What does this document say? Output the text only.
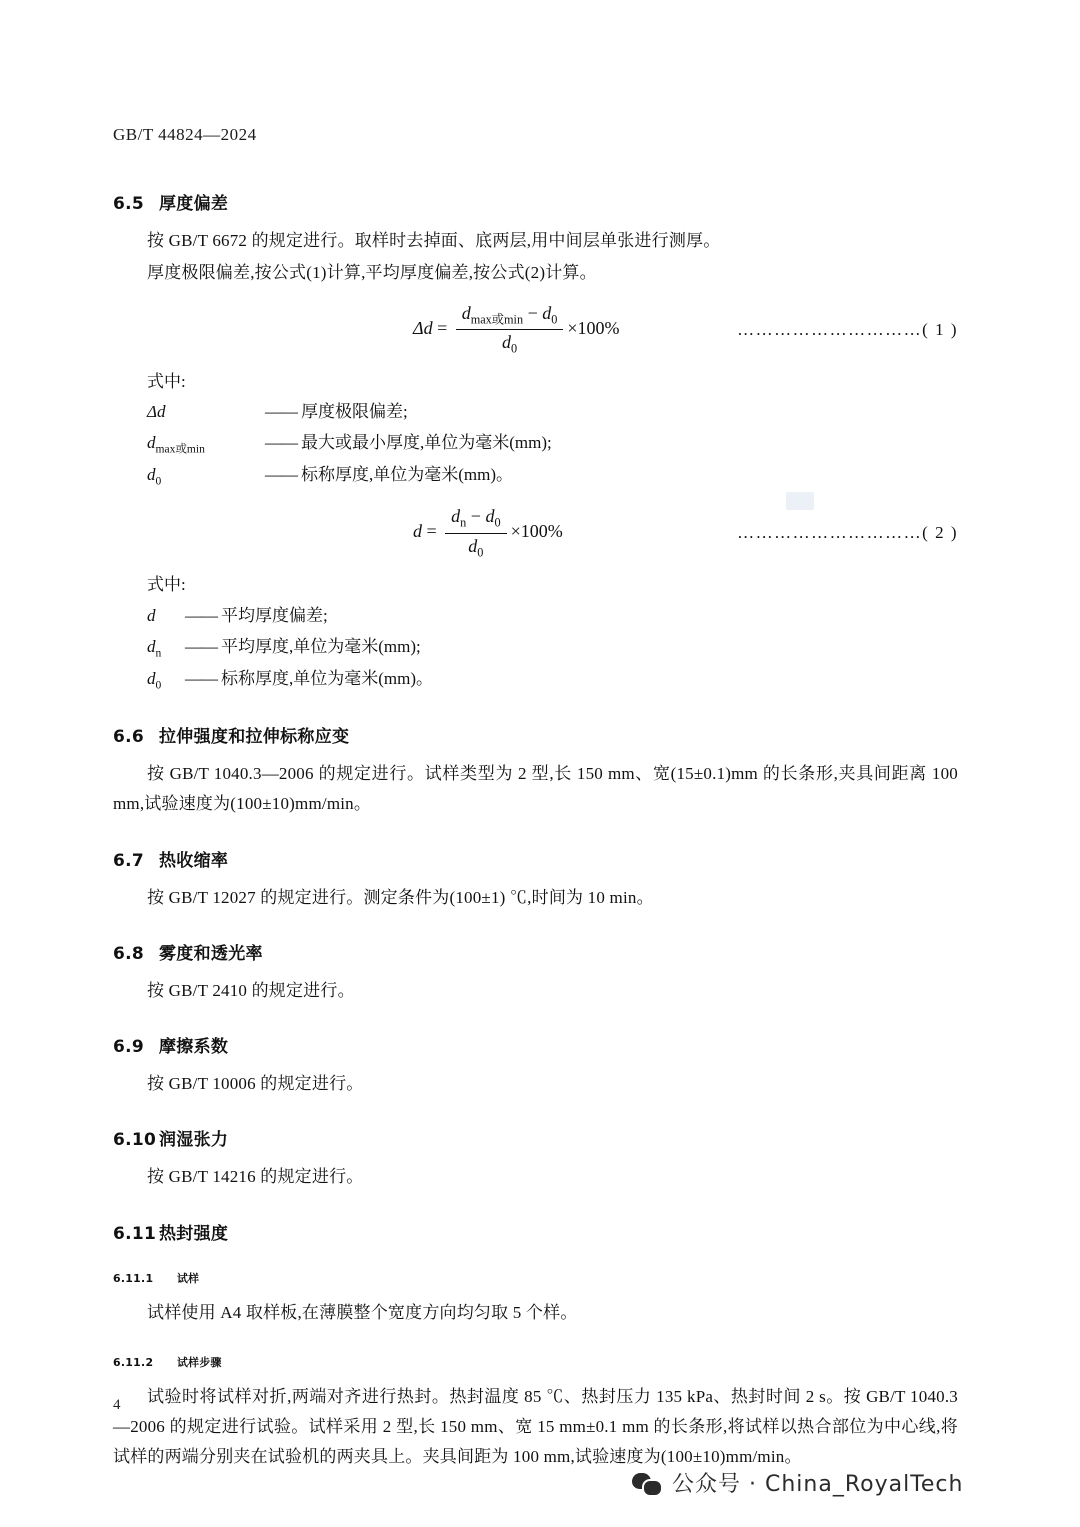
GB/T 44824—2024
6.5 厚度偏差

按 GB/T 6672 的规定进行。取样时去掉面、底两层,用中间层单张进行测厚。

厚度极限偏差,按公式(1)计算,平均厚度偏差,按公式(2)计算。

$\Delta d = \frac{d_{max或min} - d_0}{d_0} \times 100\%$	…………………………( 1 )
式中:
Δd	—— 厚度极限偏差;
$d_{max或min}$	—— 最大或最小厚度,单位为毫米(mm);
$d_0$	—— 标称厚度,单位为毫米(mm)。
$d = \frac{d_n - d_0}{d_0} \times 100\%$	…………………………( 2 )
式中:
d	—— 平均厚度偏差;
$d_n$	—— 平均厚度,单位为毫米(mm);
$d_0$	—— 标称厚度,单位为毫米(mm)。
6.6 拉伸强度和拉伸标称应变

按 GB/T 1040.3—2006 的规定进行。试样类型为 2 型,长 150 mm、宽(15±0.1)mm 的长条形,夹具间距离 100 mm,试验速度为(100±10)mm/min。

6.7 热收缩率

按 GB/T 12027 的规定进行。测定条件为(100±1) ℃,时间为 10 min。

6.8 雾度和透光率

按 GB/T 2410 的规定进行。

6.9 摩擦系数

按 GB/T 10006 的规定进行。

6.10 润湿张力

按 GB/T 14216 的规定进行。

6.11 热封强度
6.11.1 试样

试样使用 A4 取样板,在薄膜整个宽度方向均匀取 5 个样。

6.11.2 试样步骤

试验时将试样对折,两端对齐进行热封。热封温度 85 ℃、热封压力 135 kPa、热封时间 2 s。按 GB/T 1040.3—2006 的规定进行试验。试样采用 2 型,长 150 mm、宽 15 mm±0.1 mm 的长条形,将试样以热合部位为中心线,将试样的两端分别夹在试验机的两夹具上。夹具间距为 100 mm,试验速度为(100±10)mm/min。

4
公众号 · China_RoyalTech
